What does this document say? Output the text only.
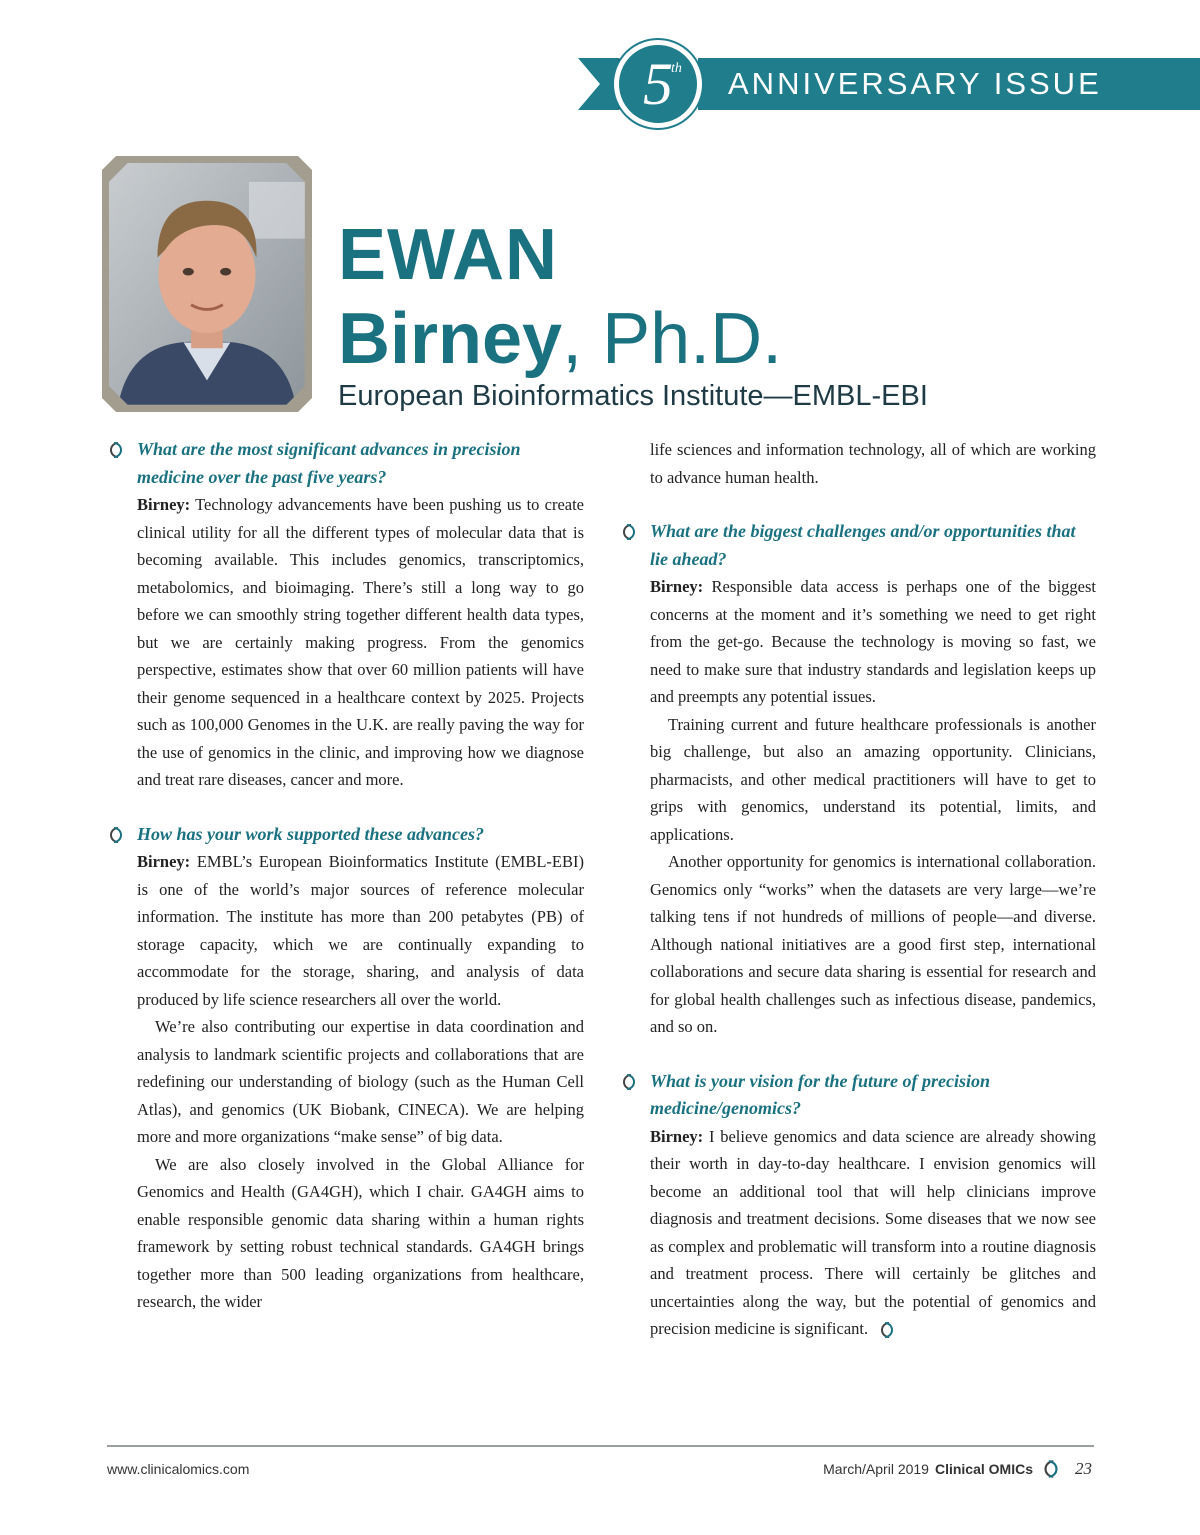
5
th ANNIVERSARY ISSUE
EWAN
Birney, Ph.D.
European Bioinformatics Institute—EMBL-EBI
What are the most significant advances in precision medicine over the past five years?

Birney: Technology advancements have been pushing us to create clinical utility for all the different types of molecular data that is becoming available. This includes genomics, transcriptomics, metabolomics, and bioimaging. There’s still a long way to go before we can smoothly string together different health data types, but we are certainly making progress. From the genomics perspective, estimates show that over 60 million patients will have their genome sequenced in a healthcare context by 2025. Projects such as 100,000 Genomes in the U.K. are really paving the way for the use of genomics in the clinic, and improving how we diagnose and treat rare diseases, cancer and more.

How has your work supported these advances?

Birney: EMBL’s European Bioinformatics Institute (EMBL-EBI) is one of the world’s major sources of reference molecular information. The institute has more than 200 petabytes (PB) of storage capacity, which we are continually expanding to accommodate for the storage, sharing, and analysis of data produced by life science researchers all over the world.

We’re also contributing our expertise in data coordination and analysis to landmark scientific projects and collaborations that are redefining our understanding of biology (such as the Human Cell Atlas), and genomics (UK Biobank, CINECA). We are helping more and more organizations “make sense” of big data.

We are also closely involved in the Global Alliance for Genomics and Health (GA4GH), which I chair. GA4GH aims to enable responsible genomic data sharing within a human rights framework by setting robust technical standards. GA4GH brings together more than 500 leading organizations from healthcare, research, the wider

life sciences and information technology, all of which are working to advance human health.

What are the biggest challenges and/or opportunities that lie ahead?

Birney: Responsible data access is perhaps one of the biggest concerns at the moment and it’s something we need to get right from the get-go. Because the technology is moving so fast, we need to make sure that industry standards and legislation keeps up and preempts any potential issues.

Training current and future healthcare professionals is another big challenge, but also an amazing opportunity. Clinicians, pharmacists, and other medical practitioners will have to get to grips with genomics, understand its potential, limits, and applications.

Another opportunity for genomics is international collaboration. Genomics only “works” when the datasets are very large—we’re talking tens if not hundreds of millions of people—and diverse. Although national initiatives are a good first step, international collaborations and secure data sharing is essential for research and for global health challenges such as infectious disease, pandemics, and so on.

What is your vision for the future of precision medicine/genomics?

Birney: I believe genomics and data science are already showing their worth in day-to-day healthcare. I envision genomics will become an additional tool that will help clinicians improve diagnosis and treatment decisions. Some diseases that we now see as complex and problematic will transform into a routine diagnosis and treatment process. There will certainly be glitches and uncertainties along the way, but the potential of genomics and precision medicine is significant.

www.clinicalomics.com	March/April 2019 Clinical OMICs 23
